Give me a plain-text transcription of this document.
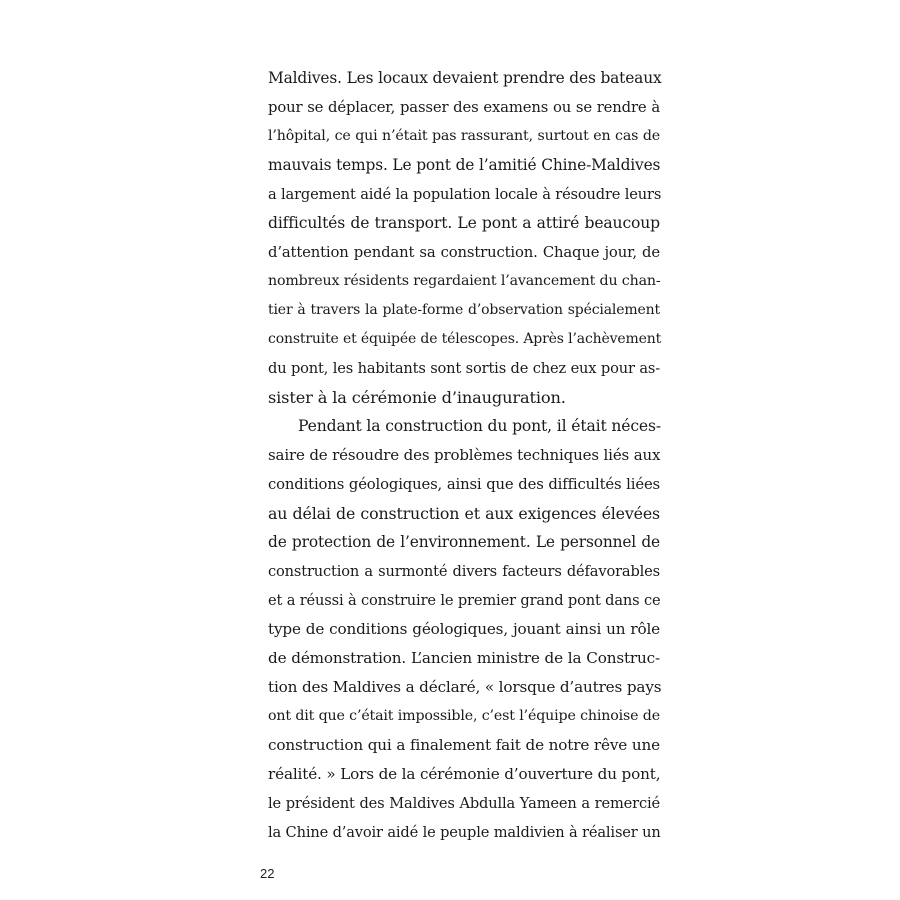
Maldives. Les locaux devaient prendre des bateaux
pour se déplacer, passer des examens ou se rendre à
l’hôpital, ce qui n’était pas rassurant, surtout en cas de
mauvais temps. Le pont de l’amitié Chine-Maldives
a largement aidé la population locale à résoudre leurs
difficultés de transport. Le pont a attiré beaucoup
d’attention pendant sa construction. Chaque jour, de
nombreux résidents regardaient l’avancement du chan-
tier à travers la plate-forme d’observation spécialement
construite et équipée de télescopes. Après l’achèvement
du pont, les habitants sont sortis de chez eux pour as-
sister à la cérémonie d’inauguration.
Pendant la construction du pont, il était néces-
saire de résoudre des problèmes techniques liés aux
conditions géologiques, ainsi que des difficultés liées
au délai de construction et aux exigences élevées
de protection de l’environnement. Le personnel de
construction a surmonté divers facteurs défavorables
et a réussi à construire le premier grand pont dans ce
type de conditions géologiques, jouant ainsi un rôle
de démonstration. L’ancien ministre de la Construc-
tion des Maldives a déclaré, « lorsque d’autres pays
ont dit que c’était impossible, c’est l’équipe chinoise de
construction qui a finalement fait de notre rêve une
réalité. » Lors de la cérémonie d’ouverture du pont,
le président des Maldives Abdulla Yameen a remercié
la Chine d’avoir aidé le peuple maldivien à réaliser un
22
